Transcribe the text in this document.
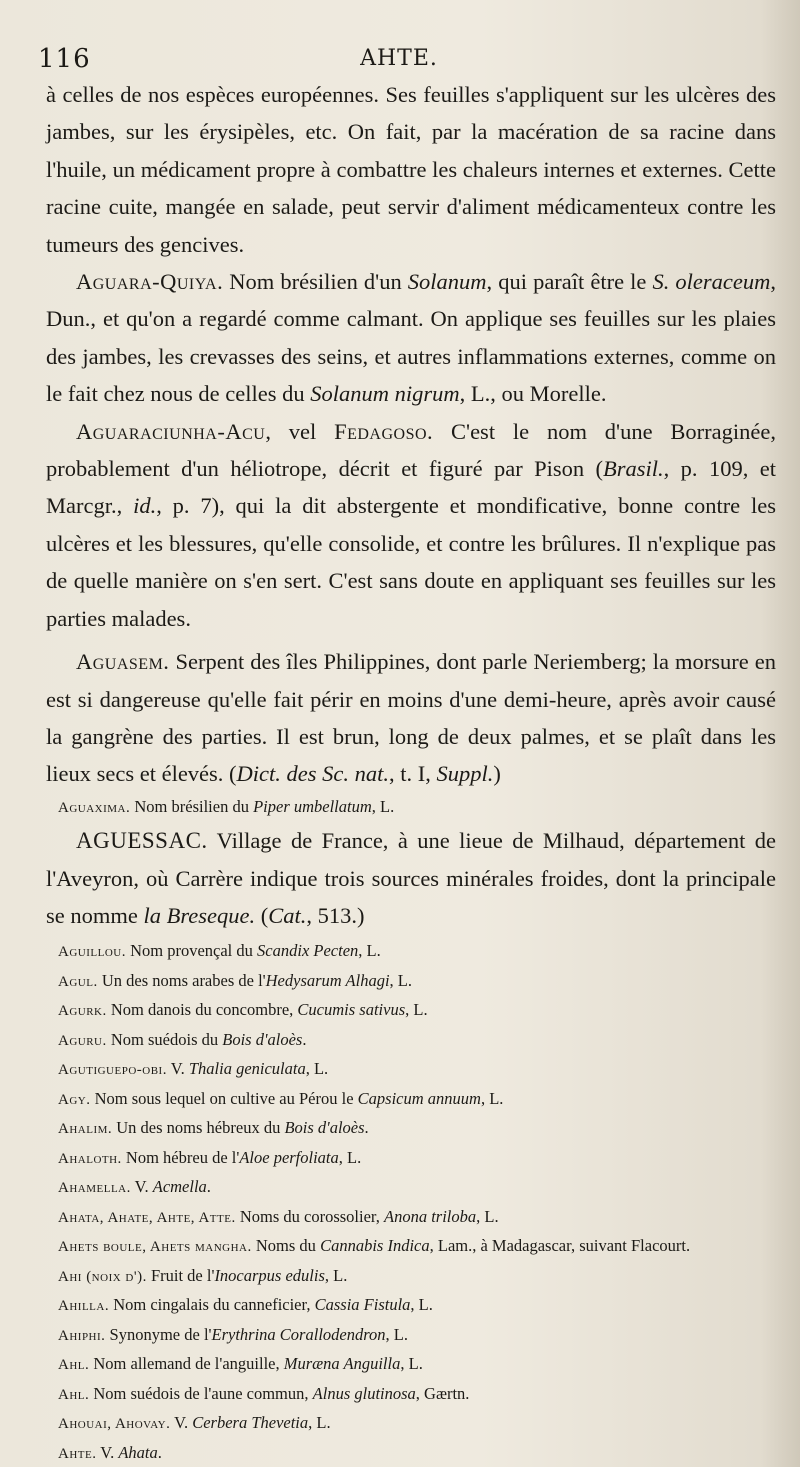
116	AHTE.

à celles de nos espèces européennes. Ses feuilles s'appliquent sur les ulcères des jambes, sur les érysipèles, etc. On fait, par la macération de sa racine dans l'huile, un médicament propre à combattre les chaleurs internes et externes. Cette racine cuite, mangée en salade, peut servir d'aliment médicamenteux contre les tumeurs des gencives.

Aguara-Quiya. Nom brésilien d'un Solanum, qui paraît être le S. oleraceum, Dun., et qu'on a regardé comme calmant. On applique ses feuilles sur les plaies des jambes, les crevasses des seins, et autres inflammations externes, comme on le fait chez nous de celles du Solanum nigrum, L., ou Morelle.

Aguaraciunha-Acu, vel Fedagoso. C'est le nom d'une Borraginée, probablement d'un héliotrope, décrit et figuré par Pison (Brasil., p. 109, et Marcgr., id., p. 7), qui la dit abstergente et mondificative, bonne contre les ulcères et les blessures, qu'elle consolide, et contre les brûlures. Il n'explique pas de quelle manière on s'en sert. C'est sans doute en appliquant ses feuilles sur les parties malades.

Aguasem. Serpent des îles Philippines, dont parle Neriemberg; la morsure en est si dangereuse qu'elle fait périr en moins d'une demi-heure, après avoir causé la gangrène des parties. Il est brun, long de deux palmes, et se plaît dans les lieux secs et élevés. (Dict. des Sc. nat., t. I, Suppl.)

Aguaxima. Nom brésilien du Piper umbellatum, L.

AGUESSAC. Village de France, à une lieue de Milhaud, département de l'Aveyron, où Carrère indique trois sources minérales froides, dont la principale se nomme la Breseque. (Cat., 513.)

Aguillou. Nom provençal du Scandix Pecten, L.

Agul. Un des noms arabes de l'Hedysarum Alhagi, L.

Agurk. Nom danois du concombre, Cucumis sativus, L.

Aguru. Nom suédois du Bois d'aloès.

Agutiguepo-obi. V. Thalia geniculata, L.

Agy. Nom sous lequel on cultive au Pérou le Capsicum annuum, L.

Ahalim. Un des noms hébreux du Bois d'aloès.

Ahaloth. Nom hébreu de l'Aloe perfoliata, L.

Ahamella. V. Acmella.

Ahata, Ahate, Ahte, Atte. Noms du corossolier, Anona triloba, L.

Ahets boule, Ahets mangha. Noms du Cannabis Indica, Lam., à Madagascar, suivant Flacourt.

Ahi (noix d'). Fruit de l'Inocarpus edulis, L.

Ahilla. Nom cingalais du canneficier, Cassia Fistula, L.

Ahiphi. Synonyme de l'Erythrina Corallodendron, L.

Ahl. Nom allemand de l'anguille, Muræna Anguilla, L.

Ahl. Nom suédois de l'aune commun, Alnus glutinosa, Gærtn.

Ahouai, Ahovay. V. Cerbera Thevetia, L.

Ahte. V. Ahata.
